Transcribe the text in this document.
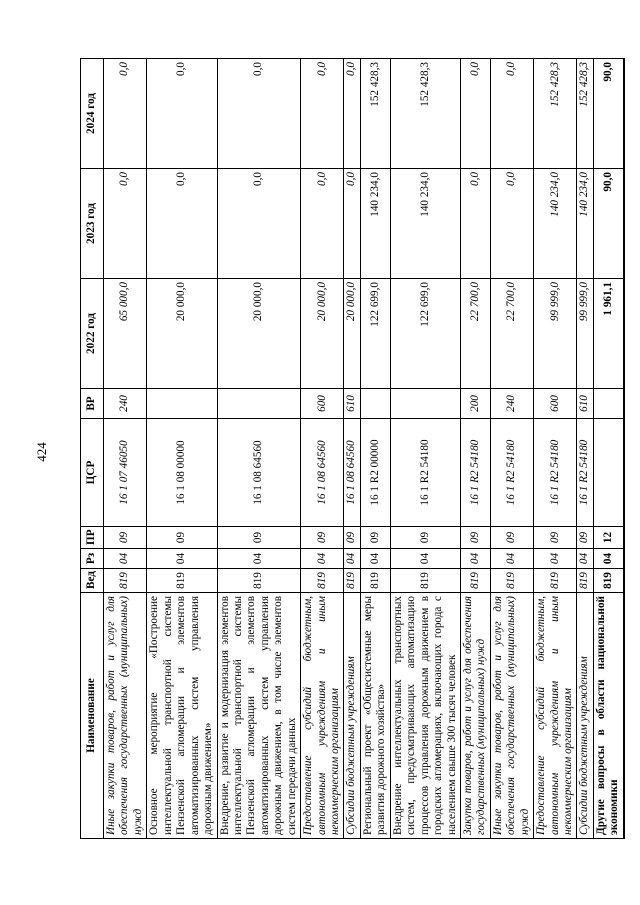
424
Наименование	Вед	Рз	ПР	ЦСР	ВР	2022 год	2023 год	2024 год
Иные закупки товаров, работ и услуг для обеспечения государственных (муниципальных) нужд	819	04	09	16 1 07 46050	240	65 000,0	0,0	0,0
Основное мероприятие «Построение интеллектуальной транспортной системы Пензенской агломерации и элементов автоматизированных систем управления дорожным движением»	819	04	09	16 1 08 00000		20 000,0	0,0	0,0
Внедрение, развитие и модернизация элементов интеллектуальной транспортной системы Пензенской агломерации и элементов автоматизированных систем управления дорожным движением, в том числе элементов систем передачи данных	819	04	09	16 1 08 64560		20 000,0	0,0	0,0
Предоставление субсидий бюджетным, автономным учреждениям и иным некоммерческим организациям	819	04	09	16 1 08 64560	600	20 000,0	0,0	0,0
Субсидии бюджетным учреждениям	819	04	09	16 1 08 64560	610	20 000,0	0,0	0,0
Региональный проект «Общесистемные меры развития дорожного хозяйства»	819	04	09	16 1 R2 00000		122 699,0	140 234,0	152 428,3
Внедрение интеллектуальных транспортных систем, предусматривающих автоматизацию процессов управления дорожным движением в городских агломерациях, включающих города с населением свыше 300 тысяч человек	819	04	09	16 1 R2 54180		122 699,0	140 234,0	152 428,3
Закупка товаров, работ и услуг для обеспечения государственных (муниципальных) нужд	819	04	09	16 1 R2 54180	200	22 700,0	0,0	0,0
Иные закупки товаров, работ и услуг для обеспечения государственных (муниципальных) нужд	819	04	09	16 1 R2 54180	240	22 700,0	0,0	0,0
Предоставление субсидий бюджетным, автономным учреждениям и иным некоммерческим организациям	819	04	09	16 1 R2 54180	600	99 999,0	140 234,0	152 428,3
Субсидии бюджетным учреждениям	819	04	09	16 1 R2 54180	610	99 999,0	140 234,0	152 428,3
Другие вопросы в области национальной экономики	819	04	12			1 961,1	90,0	90,0
